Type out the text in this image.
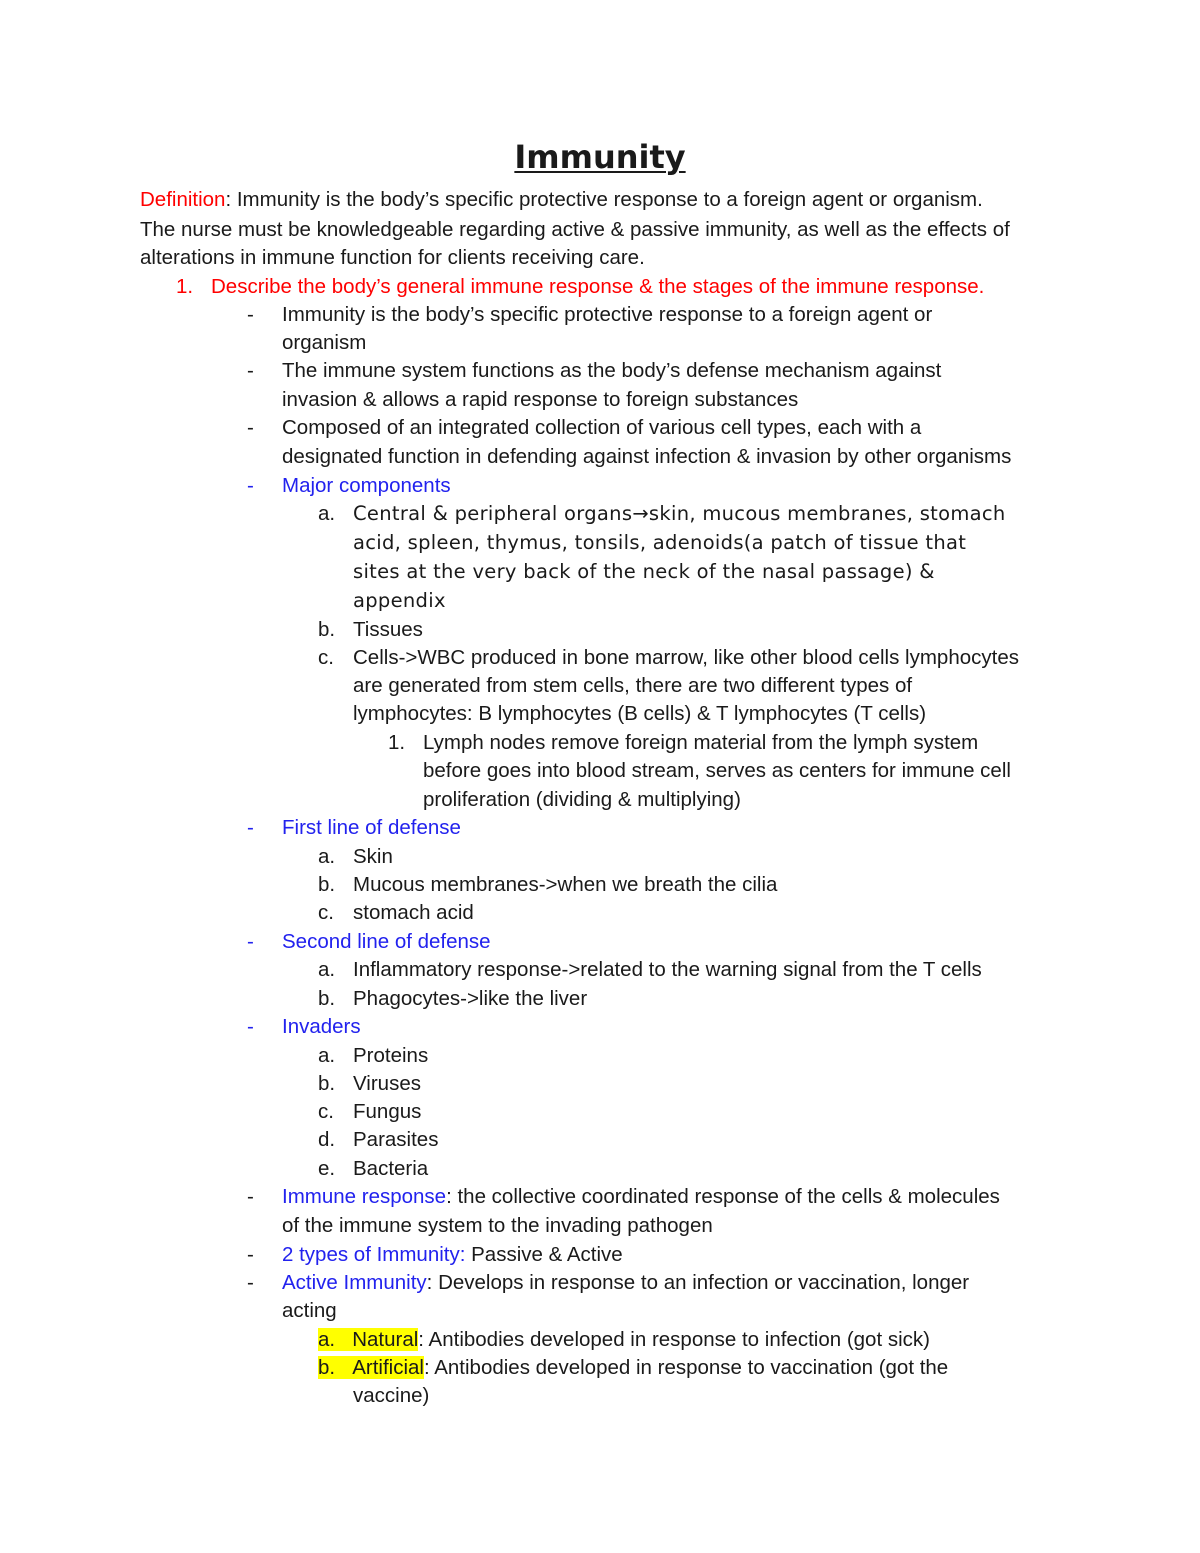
Immunity
Definition: Immunity is the body’s specific protective response to a foreign agent or organism.
The nurse must be knowledgeable regarding active & passive immunity, as well as the effects of
alterations in immune function for clients receiving care.
1. Describe the body’s general immune response & the stages of the immune response.
- Immunity is the body’s specific protective response to a foreign agent or
organism
- The immune system functions as the body’s defense mechanism against
invasion & allows a rapid response to foreign substances
- Composed of an integrated collection of various cell types, each with a
designated function in defending against infection & invasion by other organisms
- Major components
a. Central & peripheral organs→skin, mucous membranes, stomach
acid, spleen, thymus, tonsils, adenoids(a patch of tissue that
sites at the very back of the neck of the nasal passage) &
appendix
b. Tissues
c. Cells->WBC produced in bone marrow, like other blood cells lymphocytes
are generated from stem cells, there are two different types of
lymphocytes: B lymphocytes (B cells) & T lymphocytes (T cells)
1. Lymph nodes remove foreign material from the lymph system
before goes into blood stream, serves as centers for immune cell
proliferation (dividing & multiplying)
- First line of defense
a. Skin
b. Mucous membranes->when we breath the cilia
c. stomach acid
- Second line of defense
a. Inflammatory response->related to the warning signal from the T cells
b. Phagocytes->like the liver
- Invaders
a. Proteins
b. Viruses
c. Fungus
d. Parasites
e. Bacteria
- Immune response: the collective coordinated response of the cells & molecules
of the immune system to the invading pathogen
- 2 types of Immunity: Passive & Active
- Active Immunity: Develops in response to an infection or vaccination, longer
acting
a. Natural: Antibodies developed in response to infection (got sick)
b. Artificial: Antibodies developed in response to vaccination (got the
vaccine)
